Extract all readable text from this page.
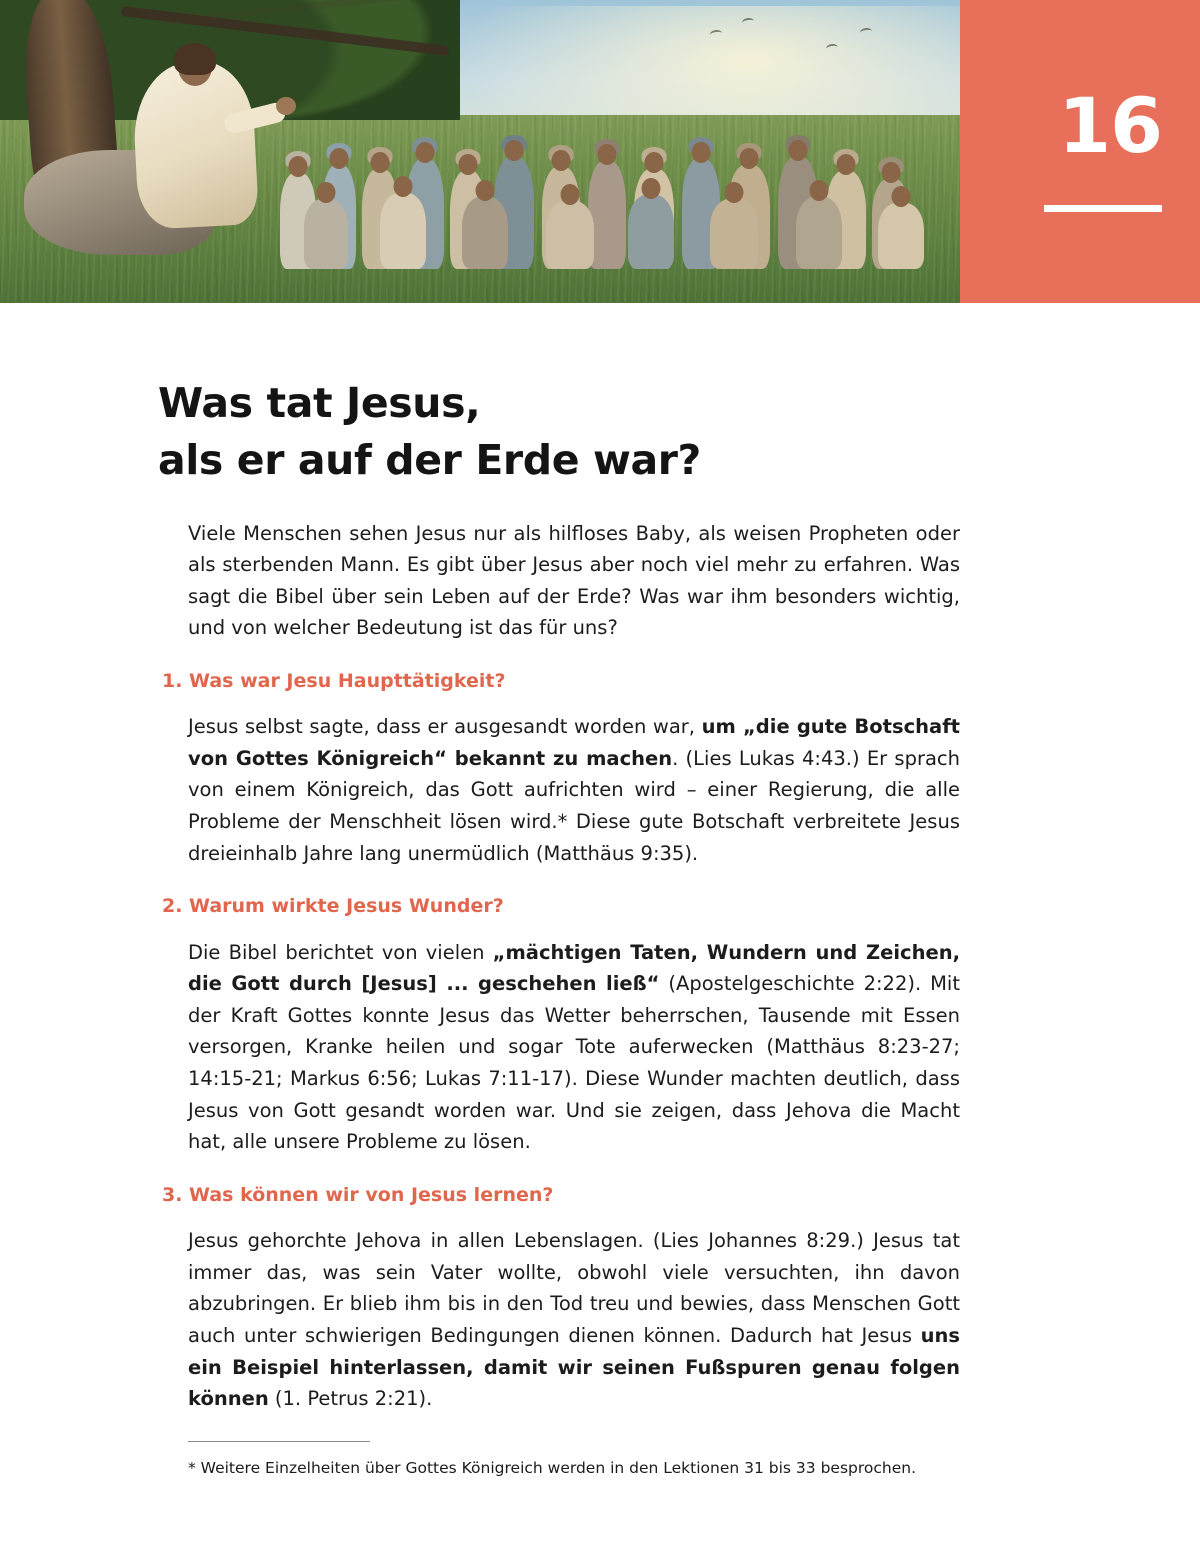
16
Was tat Jesus,
als er auf der Erde war?

Viele Menschen sehen Jesus nur als hilfloses Baby, als weisen Propheten oder als sterbenden Mann. Es gibt über Jesus aber noch viel mehr zu erfahren. Was sagt die Bibel über sein Leben auf der Erde? Was war ihm besonders wichtig, und von welcher Bedeutung ist das für uns?

1. Was war Jesu Haupttätigkeit?

Jesus selbst sagte, dass er ausgesandt worden war, um „die gute Botschaft von Gottes Königreich“ bekannt zu machen. (Lies Lukas 4:43.) Er sprach von einem Königreich, das Gott aufrichten wird – einer Regierung, die alle Probleme der Menschheit lösen wird.* Diese gute Botschaft verbreitete Jesus dreieinhalb Jahre lang unermüdlich (Matthäus 9:35).

2. Warum wirkte Jesus Wunder?

Die Bibel berichtet von vielen „mächtigen Taten, Wundern und Zeichen, die Gott durch [Jesus] ... geschehen ließ“ (Apostelgeschichte 2:22). Mit der Kraft Gottes konnte Jesus das Wetter beherrschen, Tausende mit Essen versorgen, Kranke heilen und sogar Tote auferwecken (Matthäus 8:23-27; 14:15-21; Markus 6:56; Lukas 7:11-17). Diese Wunder machten deutlich, dass Jesus von Gott gesandt worden war. Und sie zeigen, dass Jehova die Macht hat, alle unsere Probleme zu lösen.

3. Was können wir von Jesus lernen?

Jesus gehorchte Jehova in allen Lebenslagen. (Lies Johannes 8:29.) Jesus tat immer das, was sein Vater wollte, obwohl viele versuchten, ihn davon abzubringen. Er blieb ihm bis in den Tod treu und bewies, dass Menschen Gott auch unter schwierigen Bedingungen dienen können. Dadurch hat Jesus uns ein Beispiel hinterlassen, damit wir seinen Fußspuren genau folgen können (1. Petrus 2:21).

* Weitere Einzelheiten über Gottes Königreich werden in den Lektionen 31 bis 33 besprochen.
